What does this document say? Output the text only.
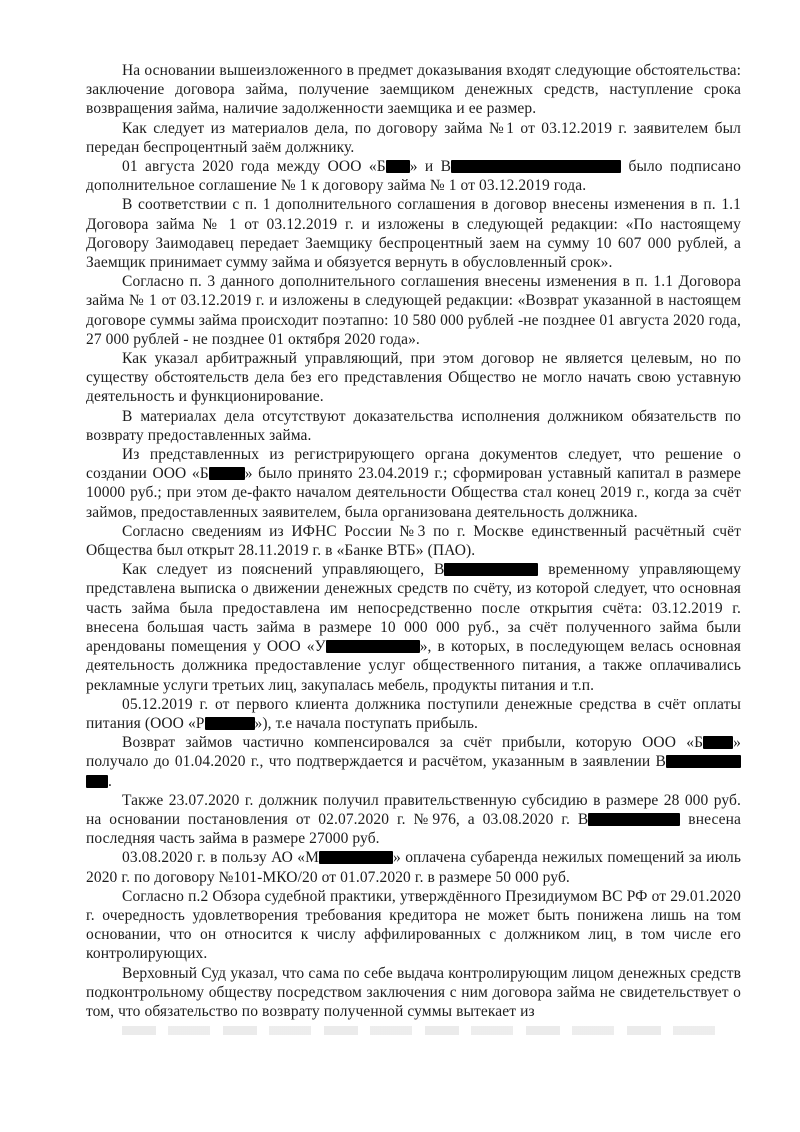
На основании вышеизложенного в предмет доказывания входят следующие обстоятельства: заключение договора займа, получение заемщиком денежных средств, наступление срока возвращения займа, наличие задолженности заемщика и ее размер.

Как следует из материалов дела, по договору займа №1 от 03.12.2019 г. заявителем был передан беспроцентный заём должнику.

01 августа 2020 года между ООО «Б » и В	было подписано дополнительное соглашение № 1 к договору займа № 1 от 03.12.2019 года.

В соответствии с п. 1 дополнительного соглашения в договор внесены изменения в п. 1.1 Договора займа № 1 от 03.12.2019 г. и изложены в следующей редакции: «По настоящему Договору Заимодавец передает Заемщику беспроцентный заем на сумму 10 607 000 рублей, а Заемщик принимает сумму займа и обязуется вернуть в обусловленный срок».

Согласно п. 3 данного дополнительного соглашения внесены изменения в п. 1.1 Договора займа № 1 от 03.12.2019 г. и изложены в следующей редакции: «Возврат указанной в настоящем договоре суммы займа происходит поэтапно: 10 580 000 рублей -не позднее 01 августа 2020 года, 27 000 рублей - не позднее 01 октября 2020 года».

Как указал арбитражный управляющий, при этом договор не является целевым, но по существу обстоятельств дела без его представления Общество не могло начать свою уставную деятельность и функционирование.

В материалах дела отсутствуют доказательства исполнения должником обязательств по возврату предоставленных займа.

Из представленных из регистрирующего органа документов следует, что решение о создании ООО «Б » было принято 23.04.2019 г.; сформирован уставный капитал в размере 10000 руб.; при этом де-факто началом деятельности Общества стал конец 2019 г., когда за счёт займов, предоставленных заявителем, была организована деятельность должника.

Согласно сведениям из ИФНС России №3 по г. Москве единственный расчётный счёт Общества был открыт 28.11.2019 г. в «Банке ВТБ» (ПАО).

Как следует из пояснений управляющего, В	временному управляющему представлена выписка о движении денежных средств по счёту, из которой следует, что основная часть займа была предоставлена им непосредственно после открытия счёта: 03.12.2019 г. внесена большая часть займа в размере 10 000 000 руб., за счёт полученного займа были арендованы помещения у ООО «У	», в которых, в последующем велась основная деятельность должника предоставление услуг общественного питания, а также оплачивались рекламные услуги третьих лиц, закупалась мебель, продукты питания и т.п.

05.12.2019 г. от первого клиента должника поступили денежные средства в счёт оплаты питания (ООО «Р	»), т.е начала поступать прибыль.

Возврат займов частично компенсировался за счёт прибыли, которую ООО «Б » получало до 01.04.2020 г., что подтверждается и расчётом, указанным в заявлении В .

Также 23.07.2020 г. должник получил правительственную субсидию в размере 28 000 руб. на основании постановления от 02.07.2020 г. №976, а 03.08.2020 г. В	внесена последняя часть займа в размере 27000 руб.

03.08.2020 г. в пользу АО «М	» оплачена субаренда нежилых помещений за июль 2020 г. по договору №101-МКО/20 от 01.07.2020 г. в размере 50 000 руб.

Согласно п.2 Обзора судебной практики, утверждённого Президиумом ВС РФ от 29.01.2020 г. очередность удовлетворения требования кредитора не может быть понижена лишь на том основании, что он относится к числу аффилированных с должником лиц, в том числе его контролирующих.

Верховный Суд указал, что сама по себе выдача контролирующим лицом денежных средств подконтрольному обществу посредством заключения с ним договора займа не свидетельствует о том, что обязательство по возврату полученной суммы вытекает из
